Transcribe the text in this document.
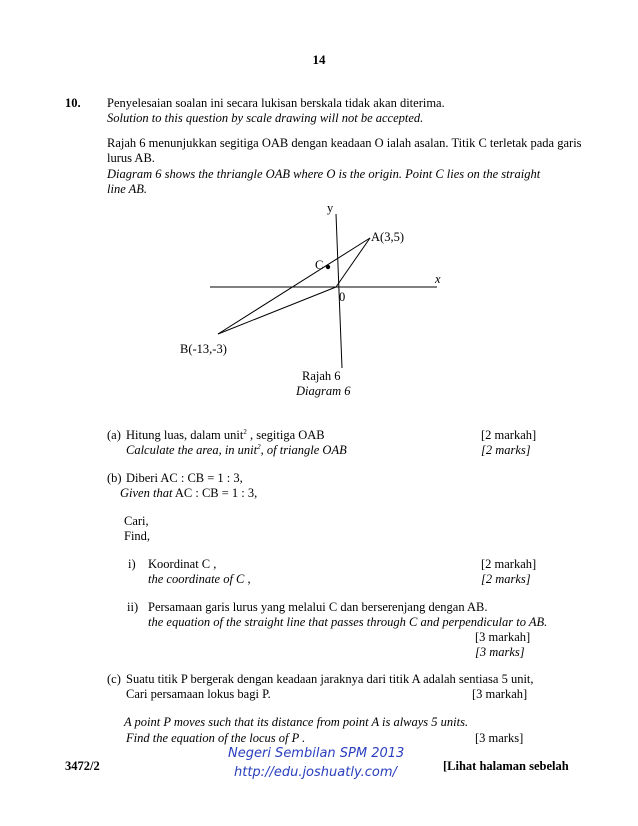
14
10. Penyelesaian soalan ini secara lukisan berskala tidak akan diterima.
Solution to this question by scale drawing will not be accepted.
Rajah 6 menunjukkan segitiga OAB dengan keadaan O ialah asalan. Titik C terletak pada garis
lurus AB.
Diagram 6 shows the thriangle OAB where O is the origin. Point C lies on the straight
line AB.
y
x
A(3,5)
C
0
B(-13,-3)
Rajah 6
Diagram 6
(a) Hitung luas, dalam unit$^2$ , segitiga OAB
Calculate the area, in unit$^2$, of triangle OAB
[2 markah]
[2 marks]
(b) Diberi AC : CB = 1 : 3,
Given that AC : CB = 1 : 3,
Cari,
Find,
i) Koordinat C ,
the coordinate of C ,
[2 markah]
[2 marks]
ii) Persamaan garis lurus yang melalui C dan berserenjang dengan AB.
the equation of the straight line that passes through C and perpendicular to AB.
[3 markah]
[3 marks]
(c) Suatu titik P bergerak dengan keadaan jaraknya dari titik A adalah sentiasa 5 unit,
Cari persamaan lokus bagi P.	[3 markah]
A point P moves such that its distance from point A is always 5 units.
Find the equation of the locus of P .	[3 marks]
3472/2
Negeri Sembilan SPM 2013
http://edu.joshuatly.com/	[Lihat halaman sebelah
